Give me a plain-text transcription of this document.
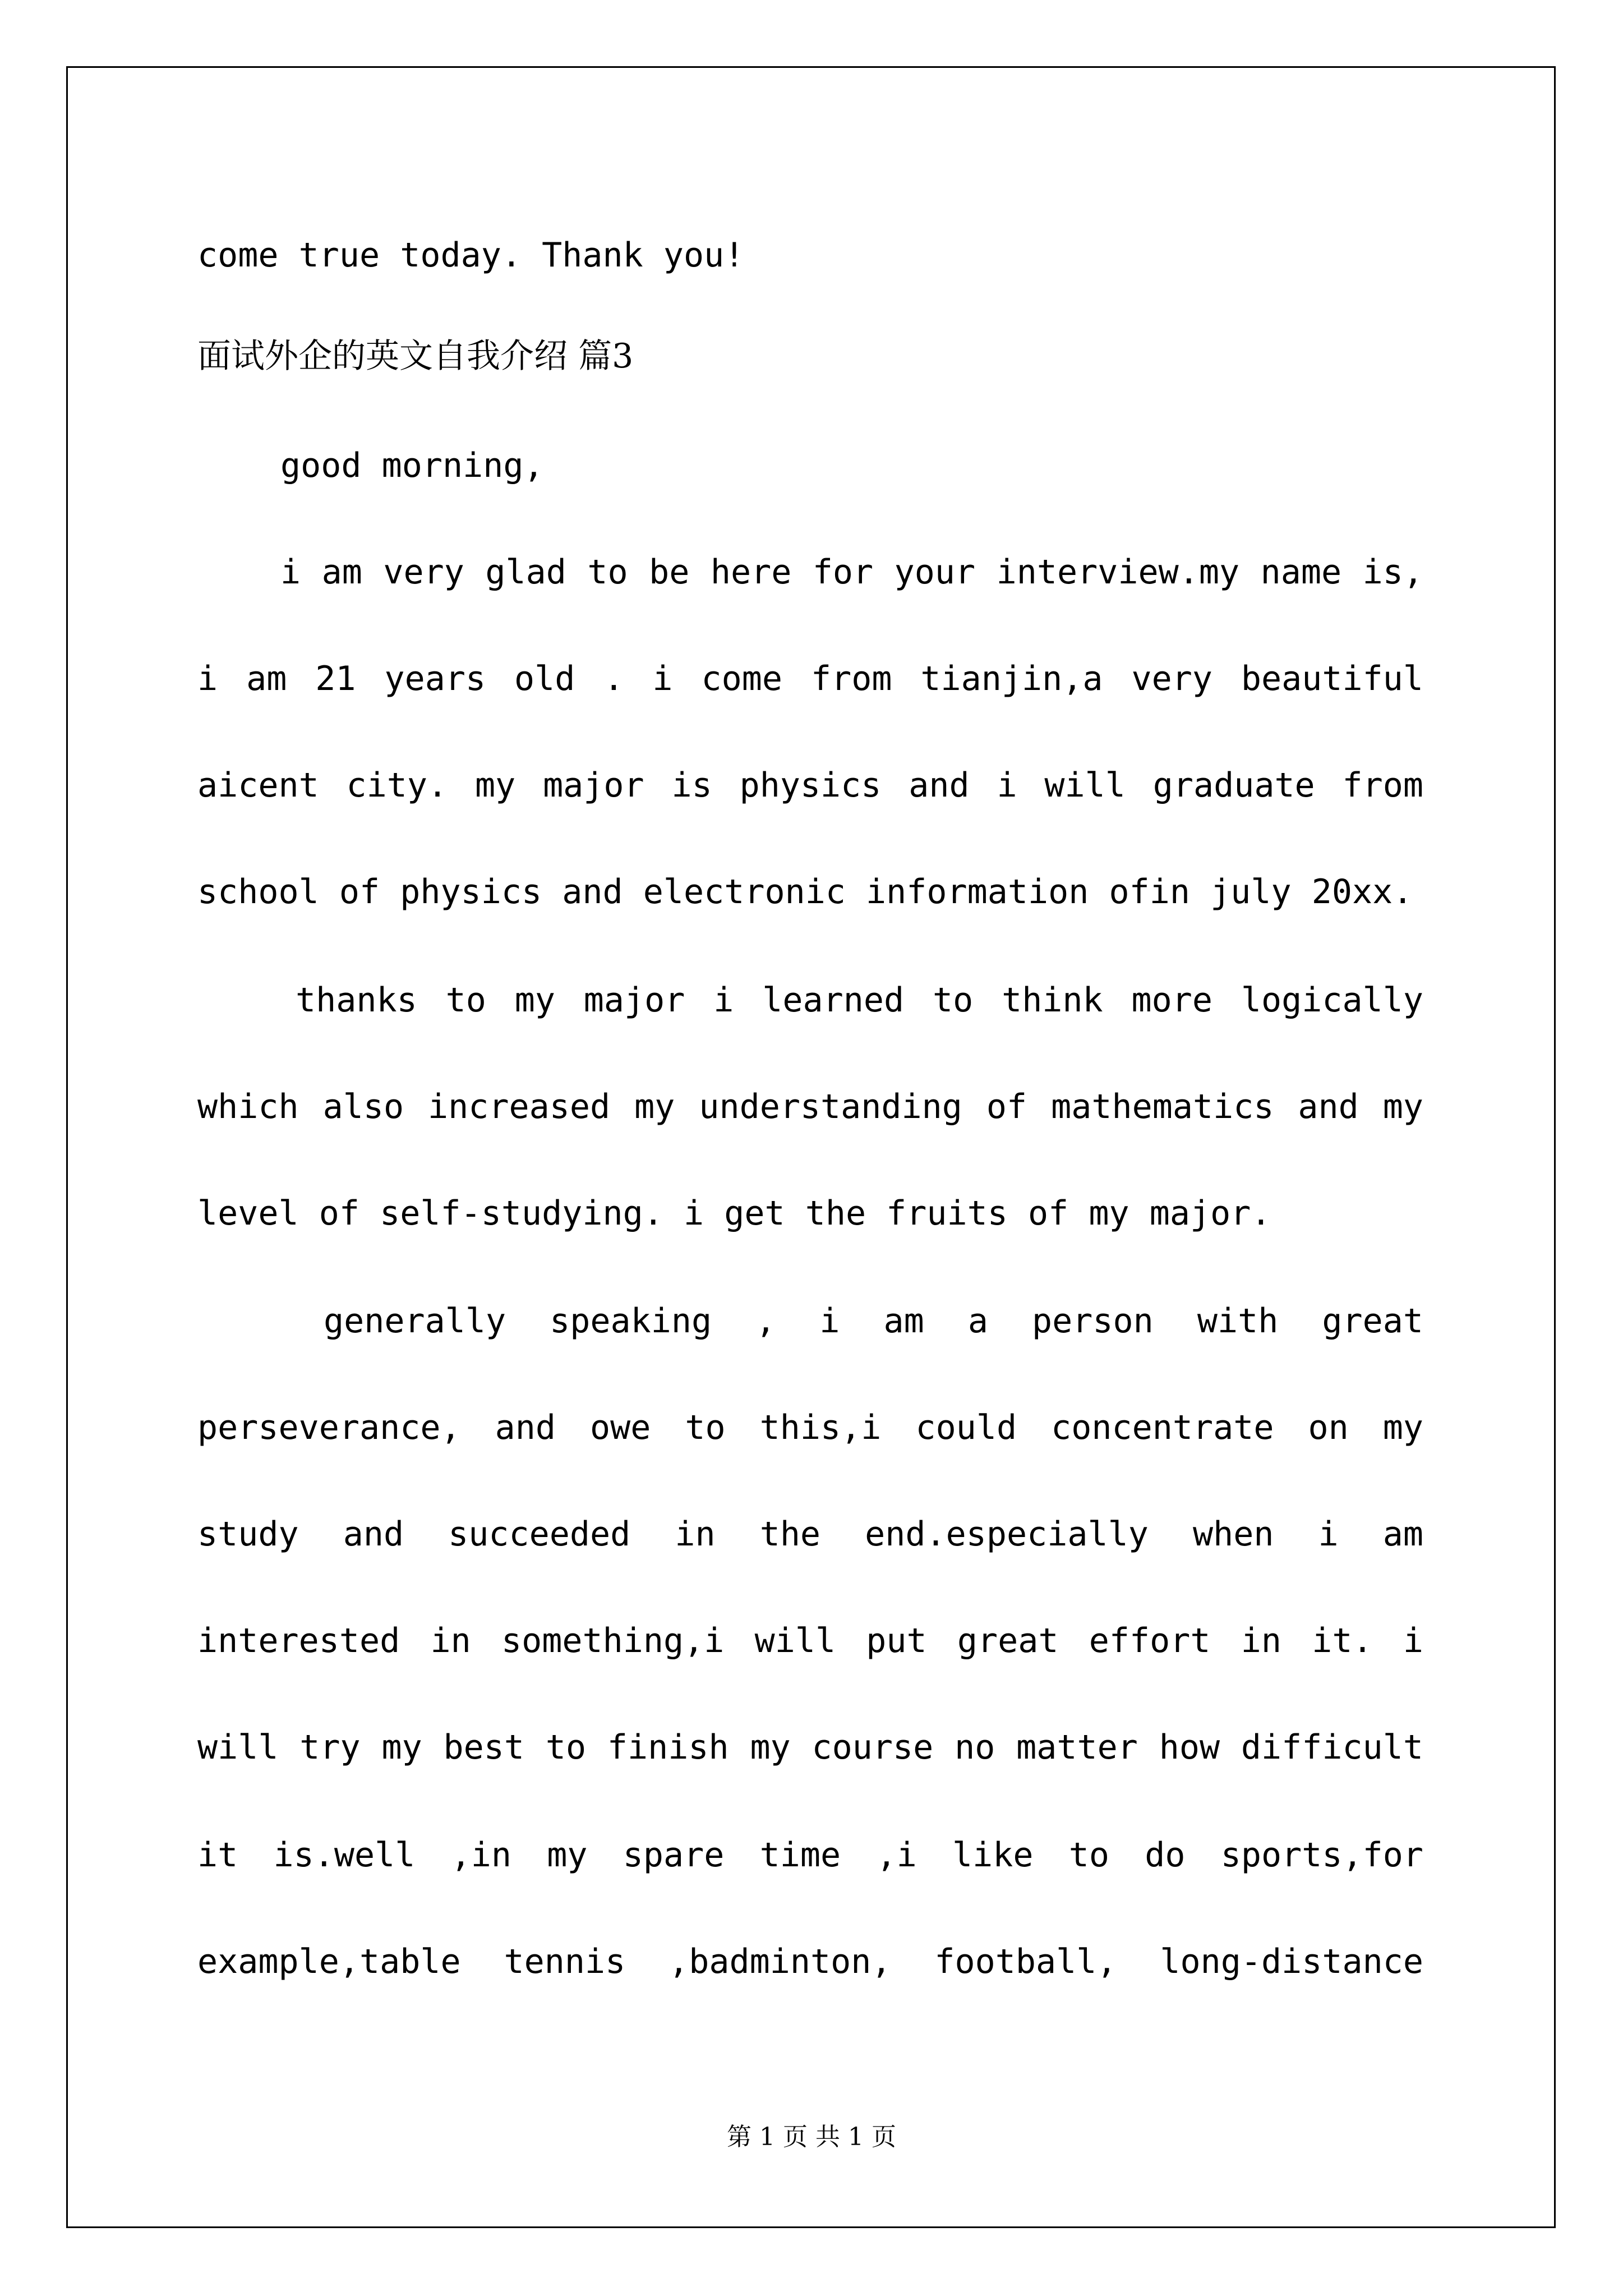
come true today. Thank you!
面试外企的英文自我介绍 篇3
good morning,
i am very glad to be here for your interview.my name is,
i am 21 years old . i come from tianjin,a very beautiful
aicent city. my major is physics and i will graduate from
school of physics and electronic information ofin july 20xx.
thanks to my major i learned to think more logically
which also increased my understanding of mathematics and my
level of self-studying. i get the fruits of my major.
generally speaking , i am a person with great
perseverance, and owe to this,i could concentrate on my
study and succeeded in the end.especially when i am
interested in something,i will put great effort in it. i
will try my best to finish my course no matter how difficult
it is.well ,in my spare time ,i like to do sports,for
example,table tennis ,badminton, football, long-distance
第 1 页 共 1 页
